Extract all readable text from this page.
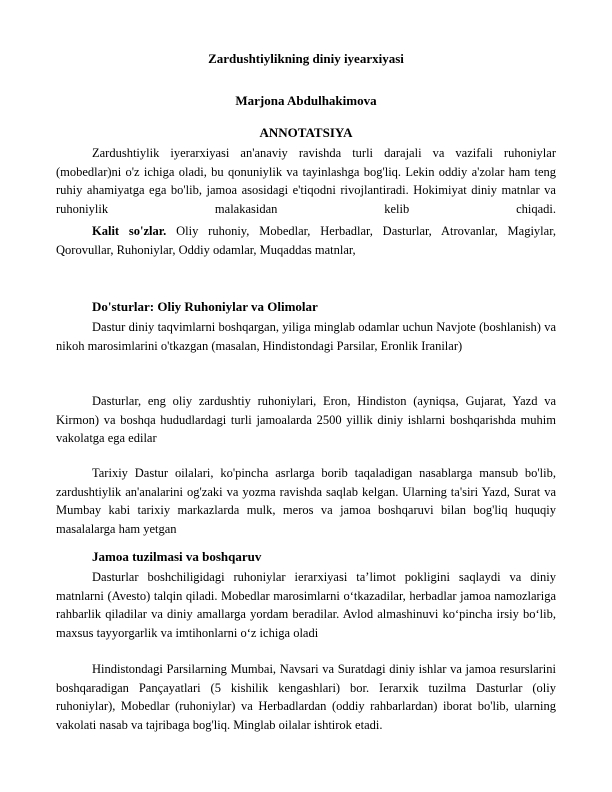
Zardushtiylikning diniy iyearxiyasi
Marjona Abdulhakimova
ANNOTATSIYA
Zardushtiylik iyerarxiyasi an'anaviy ravishda turli darajali va vazifali ruhoniylar (mobedlar)ni o'z ichiga oladi, bu qonuniylik va tayinlashga bog'liq. Lekin oddiy a'zolar ham teng ruhiy ahamiyatga ega bo'lib, jamoa asosidagi e'tiqodni rivojlantiradi. Hokimiyat diniy matnlar va ruhoniylik malakasidan kelib chiqadi.
Kalit so'zlar. Oliy ruhoniy, Mobedlar, Herbadlar, Dasturlar, Atrovanlar, Magiylar, Qorovullar, Ruhoniylar, Oddiy odamlar, Muqaddas matnlar,
Do'sturlar: Oliy Ruhoniylar va Olimolar
Dastur diniy taqvimlarni boshqargan, yiliga minglab odamlar uchun Navjote (boshlanish) va nikoh marosimlarini o'tkazgan (masalan, Hindistondagi Parsilar, Eronlik Iranilar)
Dasturlar, eng oliy zardushtiy ruhoniylari, Eron, Hindiston (ayniqsa, Gujarat, Yazd va Kirmon) va boshqa hududlardagi turli jamoalarda 2500 yillik diniy ishlarni boshqarishda muhim vakolatga ega edilar
Tarixiy Dastur oilalari, ko'pincha asrlarga borib taqaladigan nasablarga mansub bo'lib, zardushtiylik an'analarini og'zaki va yozma ravishda saqlab kelgan. Ularning ta'siri Yazd, Surat va Mumbay kabi tarixiy markazlarda mulk, meros va jamoa boshqaruvi bilan bog'liq huquqiy masalalarga ham yetgan
Jamoa tuzilmasi va boshqaruv
Dasturlar boshchiligidagi ruhoniylar ierarxiyasi ta’limot pokligini saqlaydi va diniy matnlarni (Avesto) talqin qiladi. Mobedlar marosimlarni o‘tkazadilar, herbadlar jamoa namozlariga rahbarlik qiladilar va diniy amallarga yordam beradilar. Avlod almashinuvi ko‘pincha irsiy bo‘lib, maxsus tayyorgarlik va imtihonlarni o‘z ichiga oladi
Hindistondagi Parsilarning Mumbai, Navsari va Suratdagi diniy ishlar va jamoa resurslarini boshqaradigan Pançayatlari (5 kishilik kengashlari) bor. Ierarxik tuzilma Dasturlar (oliy ruhoniylar), Mobedlar (ruhoniylar) va Herbadlardan (oddiy rahbarlardan) iborat bo'lib, ularning vakolati nasab va tajribaga bog'liq. Minglab oilalar ishtirok etadi.
